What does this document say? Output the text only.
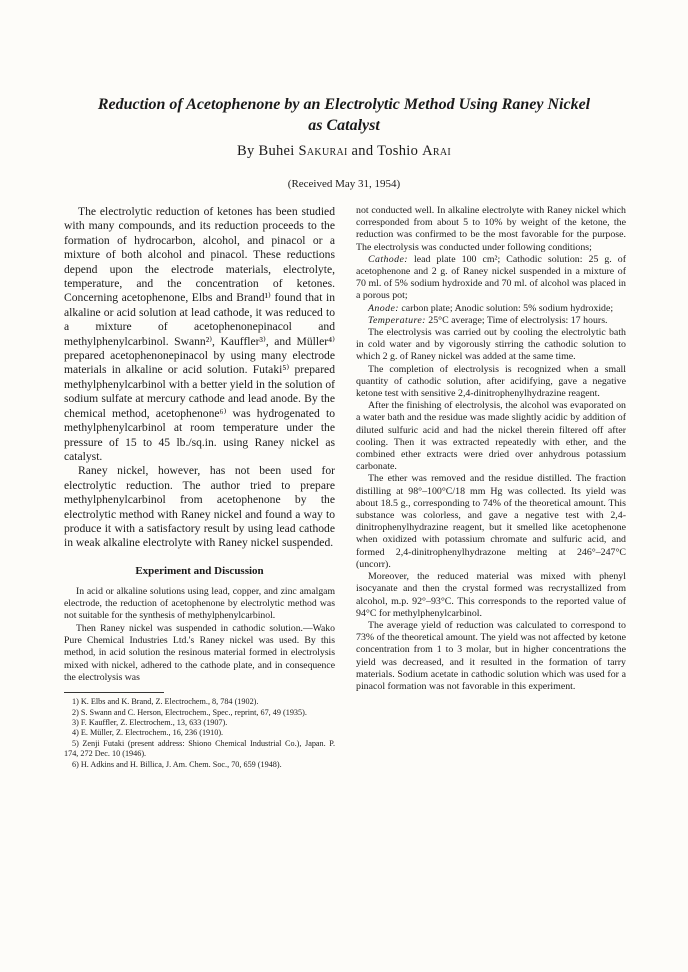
Reduction of Acetophenone by an Electrolytic Method Using Raney Nickel
as Catalyst
By Buhei Sakurai and Toshio Arai
(Received May 31, 1954)

The electrolytic reduction of ketones has been studied with many compounds, and its reduction proceeds to the formation of hydrocarbon, alcohol, and pinacol or a mixture of both alcohol and pinacol. These reductions depend upon the electrode materials, electrolyte, temperature, and the concentration of ketones. Concerning acetophenone, Elbs and Brand¹⁾ found that in alkaline or acid solution at lead cathode, it was reduced to a mixture of acetophenonepinacol and methylphenylcarbinol. Swann²⁾, Kauffler³⁾, and Müller⁴⁾ prepared acetophenonepinacol by using many electrode materials in alkaline or acid solution. Futaki⁵⁾ prepared methylphenylcarbinol with a better yield in the solution of sodium sulfate at mercury cathode and lead anode. By the chemical method, acetophenone⁶⁾ was hydrogenated to methylphenylcarbinol at room temperature under the pressure of 15 to 45 lb./sq.in. using Raney nickel as catalyst.

Raney nickel, however, has not been used for electrolytic reduction. The author tried to prepare methylphenylcarbinol from acetophenone by the electrolytic method with Raney nickel and found a way to produce it with a satisfactory result by using lead cathode in weak alkaline electrolyte with Raney nickel suspended.

Experiment and Discussion

In acid or alkaline solutions using lead, copper, and zinc amalgam electrode, the reduction of acetophenone by electrolytic method was not suitable for the synthesis of methylphenylcarbinol.

Then Raney nickel was suspended in cathodic solution.—Wako Pure Chemical Industries Ltd.'s Raney nickel was used. By this method, in acid solution the resinous material formed in electrolysis mixed with nickel, adhered to the cathode plate, and in consequence the electrolysis was

1) K. Elbs and K. Brand, Z. Electrochem., 8, 784 (1902).

2) S. Swann and C. Herson, Electrochem., Spec., reprint, 67, 49 (1935).

3) F. Kauffler, Z. Electrochem., 13, 633 (1907).

4) E. Müller, Z. Electrochem., 16, 236 (1910).

5) Zenji Futaki (present address: Shiono Chemical Industrial Co.), Japan. P. 174, 272 Dec. 10 (1946).

6) H. Adkins and H. Billica, J. Am. Chem. Soc., 70, 659 (1948).

not conducted well. In alkaline electrolyte with Raney nickel which corresponded from about 5 to 10% by weight of the ketone, the reduction was confirmed to be the most favorable for the purpose. The electrolysis was conducted under following conditions;

Cathode: lead plate 100 cm²; Cathodic solution: 25 g. of acetophenone and 2 g. of Raney nickel suspended in a mixture of 70 ml. of 5% sodium hydroxide and 70 ml. of alcohol was placed in a porous pot;

Anode: carbon plate; Anodic solution: 5% sodium hydroxide;

Temperature: 25°C average; Time of electrolysis: 17 hours.

The electrolysis was carried out by cooling the electrolytic bath in cold water and by vigorously stirring the cathodic solution to which 2 g. of Raney nickel was added at the same time.

The completion of electrolysis is recognized when a small quantity of cathodic solution, after acidifying, gave a negative ketone test with sensitive 2,4-dinitrophenylhydrazine reagent.

After the finishing of electrolysis, the alcohol was evaporated on a water bath and the residue was made slightly acidic by addition of diluted sulfuric acid and had the nickel therein filtered off after cooling. Then it was extracted repeatedly with ether, and the combined ether extracts were dried over anhydrous potassium carbonate.

The ether was removed and the residue distilled. The fraction distilling at 98°–100°C/18 mm Hg was collected. Its yield was about 18.5 g., corresponding to 74% of the theoretical amount. This substance was colorless, and gave a negative test with 2,4-dinitrophenylhydrazine reagent, but it smelled like acetophenone when oxidized with potassium chromate and sulfuric acid, and formed 2,4-dinitrophenylhydrazone melting at 246°–247°C (uncorr).

Moreover, the reduced material was mixed with phenyl isocyanate and then the crystal formed was recrystallized from alcohol, m.p. 92°–93°C. This corresponds to the reported value of 94°C for methylphenylcarbinol.

The average yield of reduction was calculated to correspond to 73% of the theoretical amount. The yield was not affected by ketone concentration from 1 to 3 molar, but in higher concentrations the yield was decreased, and it resulted in the formation of tarry materials. Sodium acetate in cathodic solution which was used for a pinacol formation was not favorable in this experiment.
